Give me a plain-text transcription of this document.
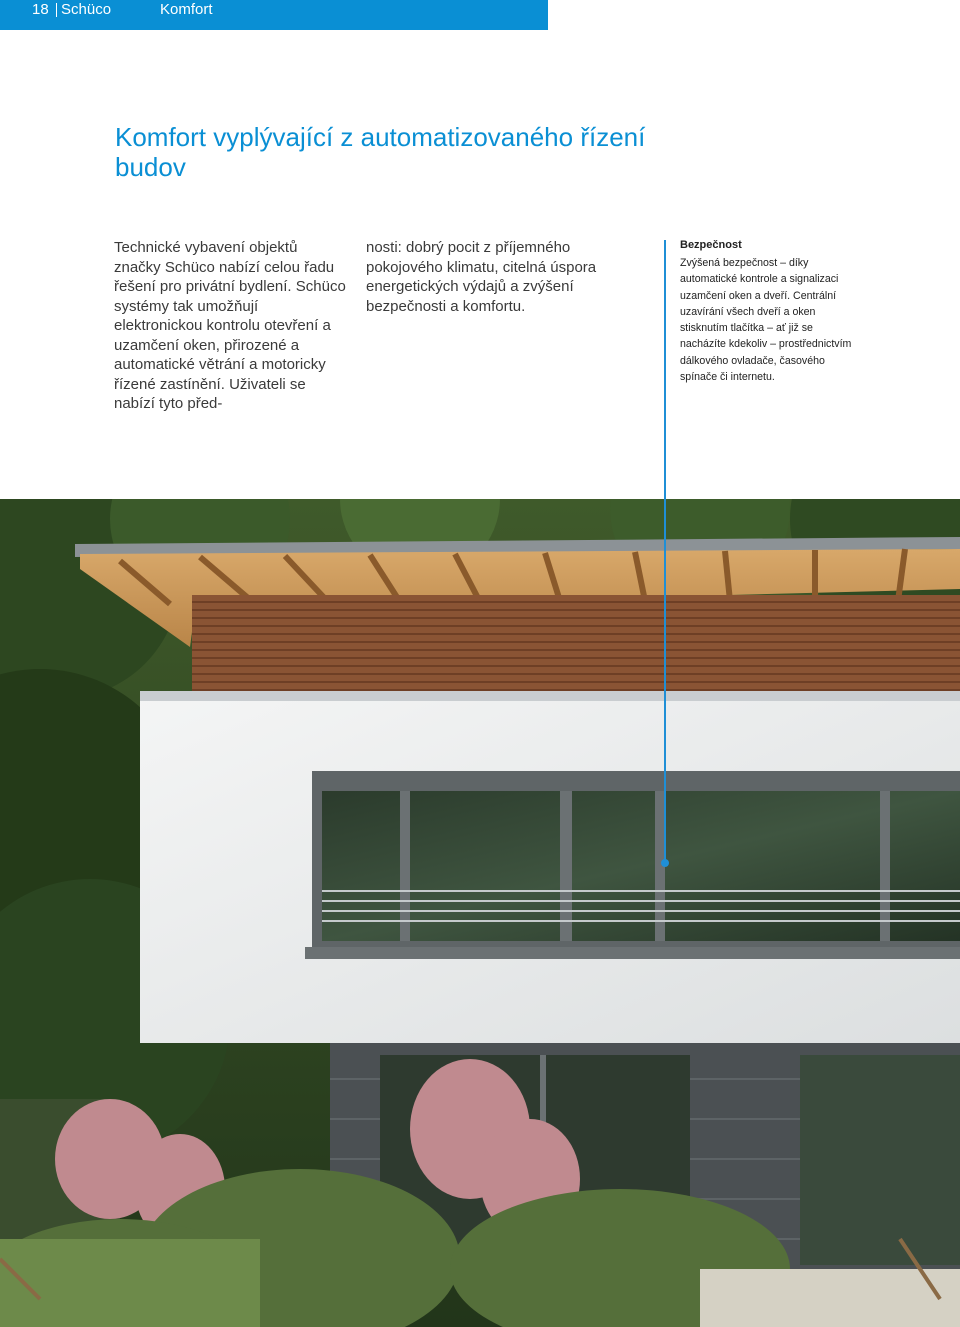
18 Schüco	Komfort
Komfort vyplývající z automatizovaného řízení budov

Technické vybavení objektů značky Schüco nabízí celou řadu řešení pro privátní bydlení. Schüco systémy tak umožňují elektronickou kontrolu otevření a uzamčení oken, přirozené a automatické větrání a motoricky řízené zastínění. Uživateli se nabízí tyto před-

nosti: dobrý pocit z příjemného pokojového klimatu, citelná úspora energetických výdajů a zvýšení bezpečnosti a komfortu.

Bezpečnost
Zvýšená bezpečnost – díky automatické kontrole a signalizaci uzamčení oken a dveří. Centrální uzavírání všech dveří a oken stisknutím tlačítka – ať již se nacházíte kdekoliv – prostřednictvím dálkového ovladače, časového spínače či internetu.
